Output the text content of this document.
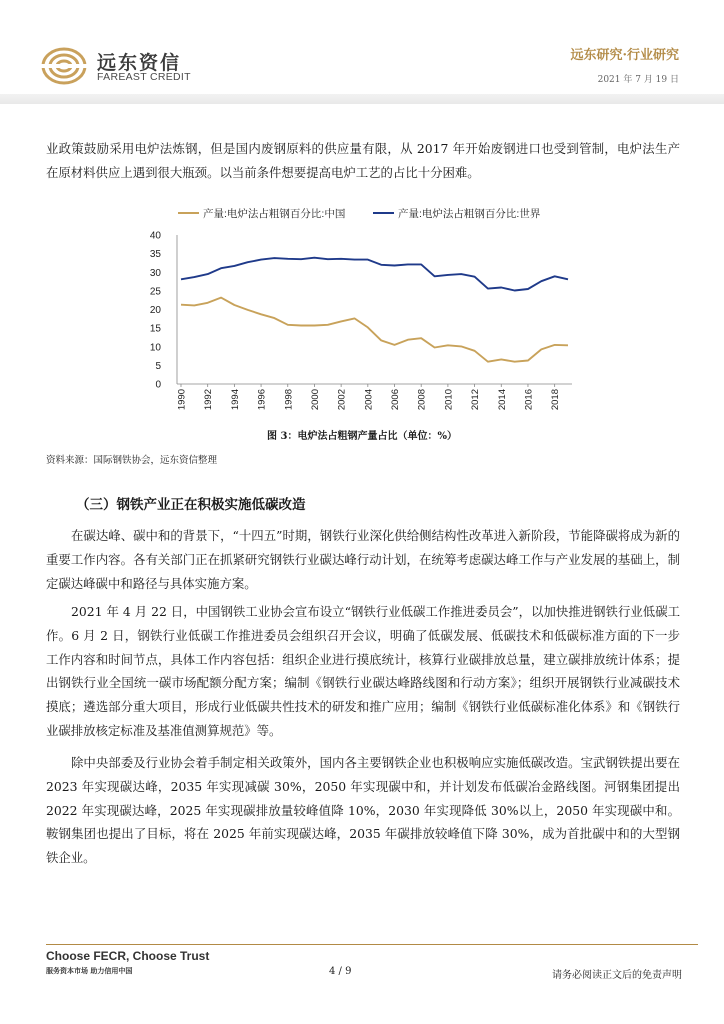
远东资信
FAREAST CREDIT
远东研究·行业研究
2021 年 7 月 19 日

业政策鼓励采用电炉法炼钢，但是国内废钢原料的供应量有限，从 2017 年开始废钢进口也受到管制，电炉法生产在原材料供应上遇到很大瓶颈。以当前条件想要提高电炉工艺的占比十分困难。

产量:电炉法占粗钢百分比:中国	产量:电炉法占粗钢百分比:世界
0
5
10
15
20
25
30
35
40
1990 1992 1994 1996 1998 2000 2002 2004 2006 2008 2010 2012 2014 2016 2018
图 3：电炉法占粗钢产量占比（单位：%）
资料来源：国际钢铁协会，远东资信整理
（三）钢铁产业正在积极实施低碳改造

在碳达峰、碳中和的背景下，“十四五”时期，钢铁行业深化供给侧结构性改革进入新阶段，节能降碳将成为新的重要工作内容。各有关部门正在抓紧研究钢铁行业碳达峰行动计划，在统筹考虑碳达峰工作与产业发展的基础上，制定碳达峰碳中和路径与具体实施方案。

2021 年 4 月 22 日，中国钢铁工业协会宣布设立“钢铁行业低碳工作推进委员会”，以加快推进钢铁行业低碳工作。6 月 2 日，钢铁行业低碳工作推进委员会组织召开会议，明确了低碳发展、低碳技术和低碳标准方面的下一步工作内容和时间节点，具体工作内容包括：组织企业进行摸底统计，核算行业碳排放总量，建立碳排放统计体系；提出钢铁行业全国统一碳市场配额分配方案；编制《钢铁行业碳达峰路线图和行动方案》；组织开展钢铁行业减碳技术摸底；遴选部分重大项目，形成行业低碳共性技术的研发和推广应用；编制《钢铁行业低碳标准化体系》和《钢铁行业碳排放核定标准及基准值测算规范》等。

除中央部委及行业协会着手制定相关政策外，国内各主要钢铁企业也积极响应实施低碳改造。宝武钢铁提出要在 2023 年实现碳达峰，2035 年实现减碳 30%，2050 年实现碳中和，并计划发布低碳冶金路线图。河钢集团提出 2022 年实现碳达峰，2025 年实现碳排放量较峰值降 10%，2030 年实现降低 30%以上，2050 年实现碳中和。鞍钢集团也提出了目标，将在 2025 年前实现碳达峰，2035 年碳排放较峰值下降 30%，成为首批碳中和的大型钢铁企业。

Choose FECR, Choose Trust
服务资本市场 助力信用中国	4 / 9	请务必阅读正文后的免责声明
